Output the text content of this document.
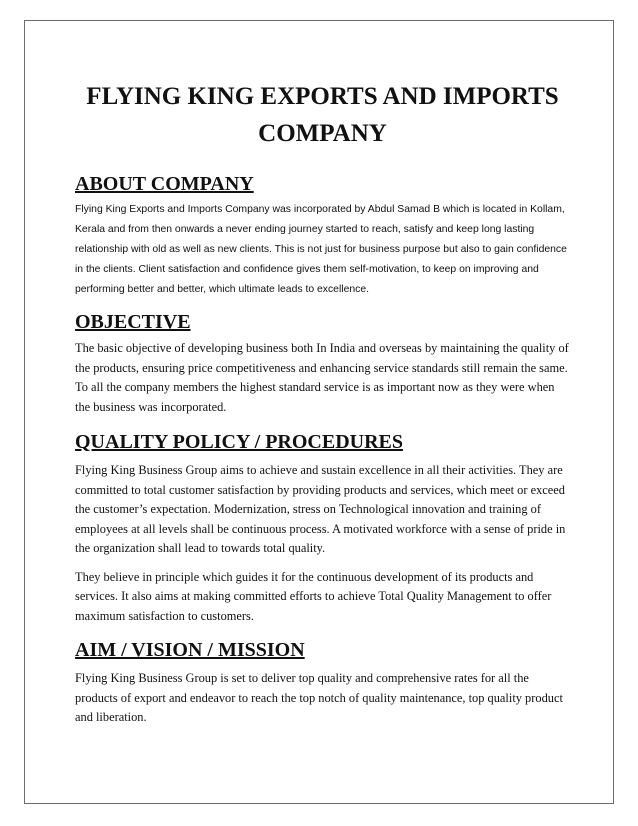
FLYING KING EXPORTS AND IMPORTS COMPANY
ABOUT COMPANY

Flying King Exports and Imports Company was incorporated by Abdul Samad B which is located in Kollam, Kerala and from then onwards a never ending journey started to reach, satisfy and keep long lasting relationship with old as well as new clients. This is not just for business purpose but also to gain confidence in the clients. Client satisfaction and confidence gives them self-motivation, to keep on improving and performing better and better, which ultimate leads to excellence.

OBJECTIVE

The basic objective of developing business both In India and overseas by maintaining the quality of the products, ensuring price competitiveness and enhancing service standards still remain the same. To all the company members the highest standard service is as important now as they were when the business was incorporated.

QUALITY POLICY / PROCEDURES

Flying King Business Group aims to achieve and sustain excellence in all their activities. They are committed to total customer satisfaction by providing products and services, which meet or exceed the customer’s expectation. Modernization, stress on Technological innovation and training of employees at all levels shall be continuous process. A motivated workforce with a sense of pride in the organization shall lead to towards total quality.

They believe in principle which guides it for the continuous development of its products and services. It also aims at making committed efforts to achieve Total Quality Management to offer maximum satisfaction to customers.

AIM / VISION / MISSION

Flying King Business Group is set to deliver top quality and comprehensive rates for all the products of export and endeavor to reach the top notch of quality maintenance, top quality product and liberation.
